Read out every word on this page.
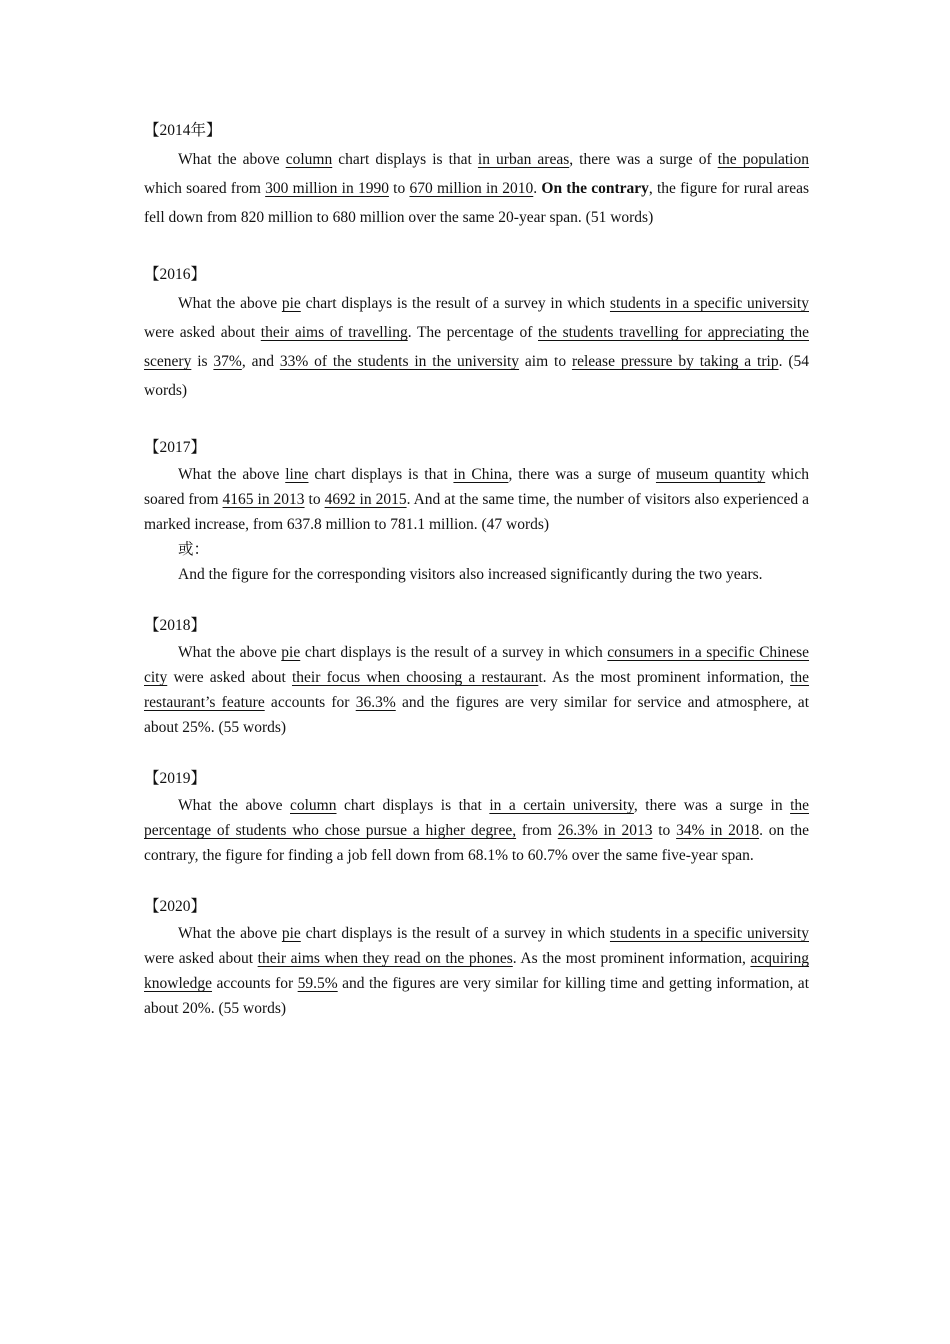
【2014年】

What the above column chart displays is that in urban areas, there was a surge of the population which soared from 300 million in 1990 to 670 million in 2010. On the contrary, the figure for rural areas fell down from 820 million to 680 million over the same 20-year span. (51 words)

【2016】

What the above pie chart displays is the result of a survey in which students in a specific university were asked about their aims of travelling. The percentage of the students travelling for appreciating the scenery is 37%, and 33% of the students in the university aim to release pressure by taking a trip. (54 words)

【2017】

What the above line chart displays is that in China, there was a surge of museum quantity which soared from 4165 in 2013 to 4692 in 2015. And at the same time, the number of visitors also experienced a marked increase, from 637.8 million to 781.1 million. (47 words)

或：

And the figure for the corresponding visitors also increased significantly during the two years.

【2018】

What the above pie chart displays is the result of a survey in which consumers in a specific Chinese city were asked about their focus when choosing a restaurant. As the most prominent information, the restaurant’s feature accounts for 36.3% and the figures are very similar for service and atmosphere, at about 25%. (55 words)

【2019】

What the above column chart displays is that in a certain university, there was a surge in the percentage of students who chose pursue a higher degree, from 26.3% in 2013 to 34% in 2018. on the contrary, the figure for finding a job fell down from 68.1% to 60.7% over the same five-year span.

【2020】

What the above pie chart displays is the result of a survey in which students in a specific university were asked about their aims when they read on the phones. As the most prominent information, acquiring knowledge accounts for 59.5% and the figures are very similar for killing time and getting information, at about 20%. (55 words)
